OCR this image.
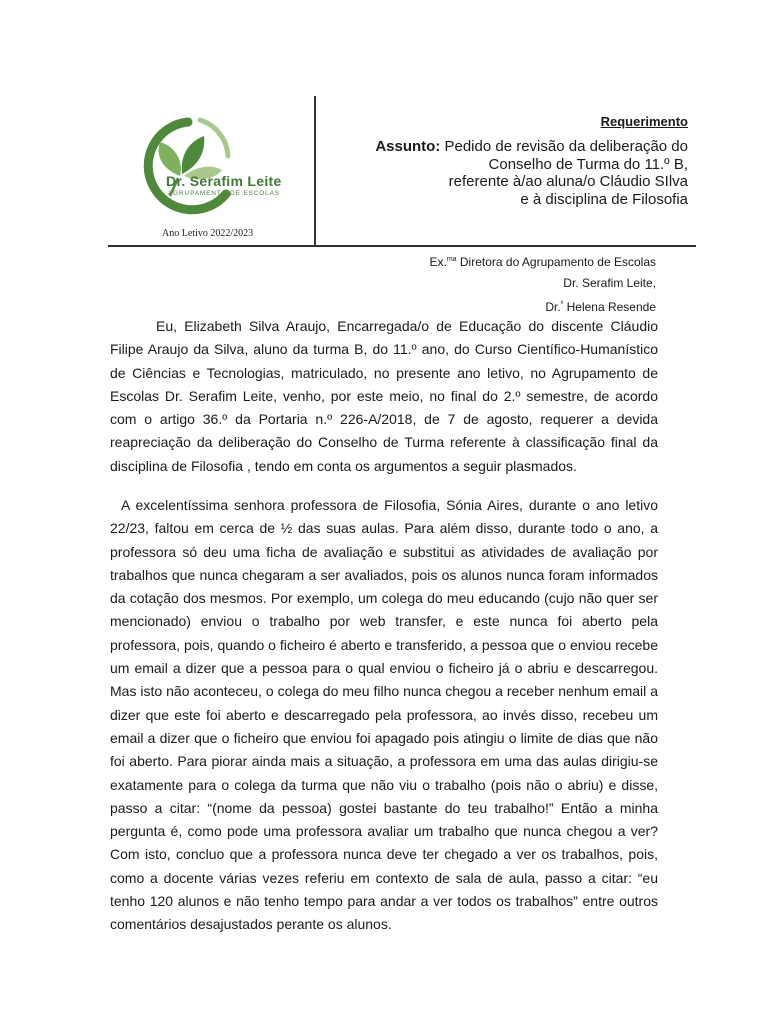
Dr. Serafim Leite
AGRUPAMENTO DE ESCOLAS
Ano Letivo 2022/2023
Requerimento
Assunto: Pedido de revisão da deliberação do
Conselho de Turma do 11.º B,
referente à/ao aluna/o Cláudio SIlva
e à disciplina de Filosofia
Ex.$^{ma}$ Diretora do Agrupamento de Escolas
Dr. Serafim Leite,
Dr.$^ª$ Helena Resende

Eu, Elizabeth Silva Araujo, Encarregada/o de Educação do discente Cláudio Filipe Araujo da Silva, aluno da turma B, do 11.º ano, do Curso Científico-Humanístico de Ciências e Tecnologias, matriculado, no presente ano letivo, no Agrupamento de Escolas Dr. Serafim Leite, venho, por este meio, no final do 2.º semestre, de acordo com o artigo 36.º da Portaria n.º 226-A/2018, de 7 de agosto, requerer a devida reapreciação da deliberação do Conselho de Turma referente à classificação final da disciplina de Filosofia , tendo em conta os argumentos a seguir plasmados.

A excelentíssima senhora professora de Filosofia, Sónia Aires, durante o ano letivo 22/23, faltou em cerca de ½ das suas aulas. Para além disso, durante todo o ano, a professora só deu uma ficha de avaliação e substitui as atividades de avaliação por trabalhos que nunca chegaram a ser avaliados, pois os alunos nunca foram informados da cotação dos mesmos. Por exemplo, um colega do meu educando (cujo não quer ser mencionado) enviou o trabalho por web transfer, e este nunca foi aberto pela professora, pois, quando o ficheiro é aberto e transferido, a pessoa que o enviou recebe um email a dizer que a pessoa para o qual enviou o ficheiro já o abriu e descarregou. Mas isto não aconteceu, o colega do meu filho nunca chegou a receber nenhum email a dizer que este foi aberto e descarregado pela professora, ao invés disso, recebeu um email a dizer que o ficheiro que enviou foi apagado pois atingiu o limite de dias que não foi aberto. Para piorar ainda mais a situação, a professora em uma das aulas dirigiu-se exatamente para o colega da turma que não viu o trabalho (pois não o abriu) e disse, passo a citar: “(nome da pessoa) gostei bastante do teu trabalho!” Então a minha pergunta é, como pode uma professora avaliar um trabalho que nunca chegou a ver? Com isto, concluo que a professora nunca deve ter chegado a ver os trabalhos, pois, como a docente várias vezes referiu em contexto de sala de aula, passo a citar: “eu tenho 120 alunos e não tenho tempo para andar a ver todos os trabalhos” entre outros comentários desajustados perante os alunos.
